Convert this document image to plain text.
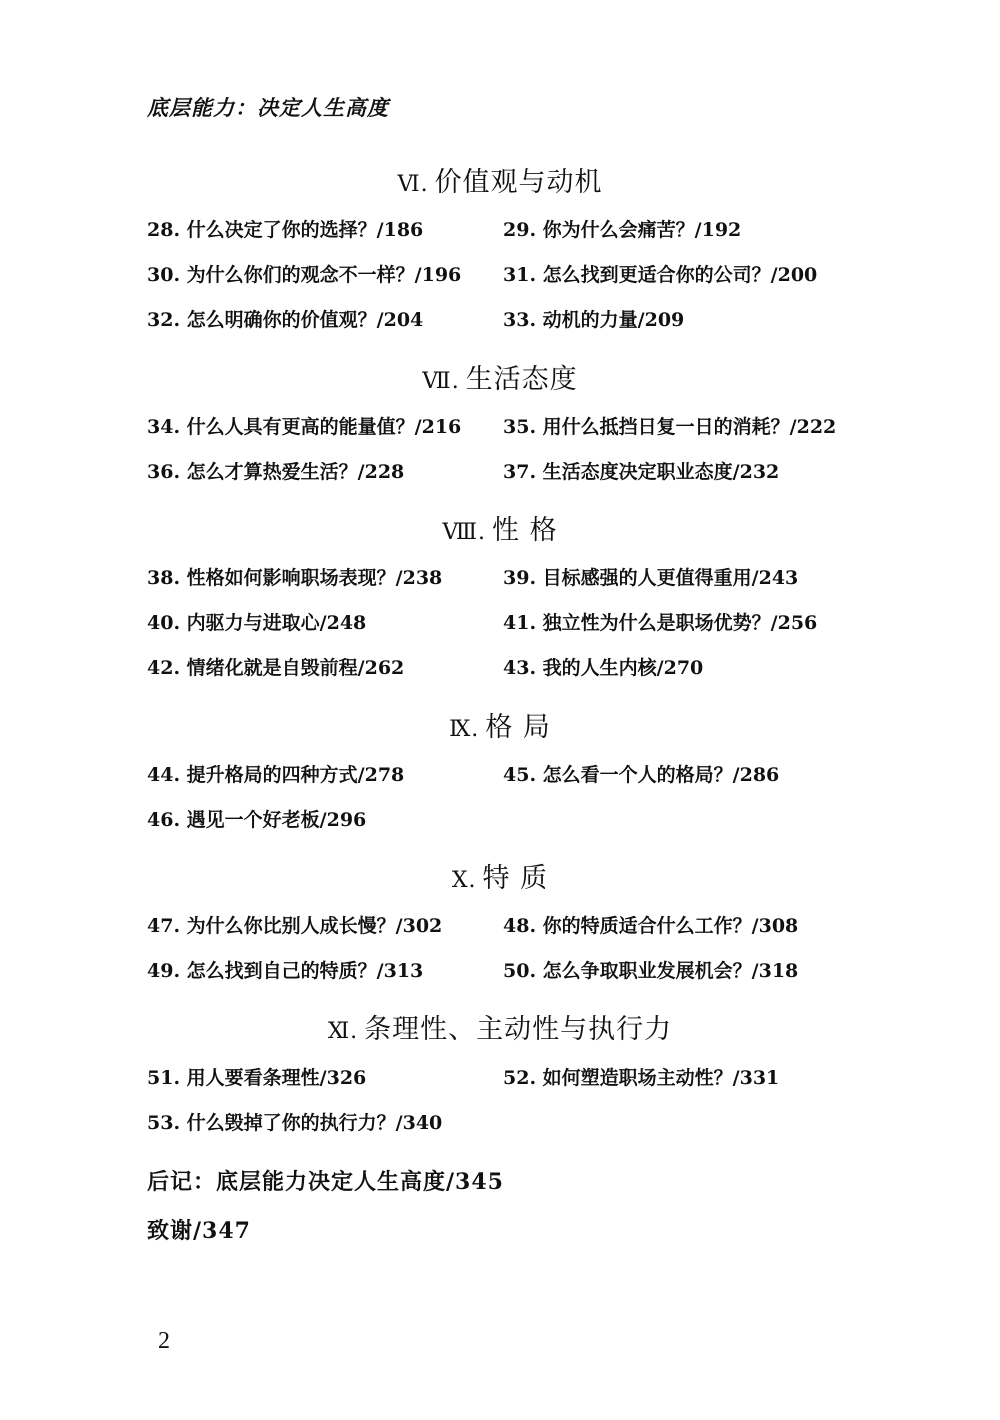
底层能力：决定人生高度
Ⅵ. 价值观与动机
28. 什么决定了你的选择？/186	29. 你为什么会痛苦？/192
30. 为什么你们的观念不一样？/196 31. 怎么找到更适合你的公司？/200
32. 怎么明确你的价值观？/204	33. 动机的力量/209
Ⅶ. 生活态度
34. 什么人具有更高的能量值？/216 35. 用什么抵挡日复一日的消耗？/222
36. 怎么才算热爱生活？/228	37. 生活态度决定职业态度/232
Ⅷ. 性 格
38. 性格如何影响职场表现？/238	39. 目标感强的人更值得重用/243
40. 内驱力与进取心/248	41. 独立性为什么是职场优势？/256
42. 情绪化就是自毁前程/262	43. 我的人生内核/270
Ⅸ. 格 局
44. 提升格局的四种方式/278	45. 怎么看一个人的格局？/286
46. 遇见一个好老板/296
Ⅹ. 特 质
47. 为什么你比别人成长慢？/302	48. 你的特质适合什么工作？/308
49. 怎么找到自己的特质？/313	50. 怎么争取职业发展机会？/318
Ⅺ. 条理性、主动性与执行力
51. 用人要看条理性/326	52. 如何塑造职场主动性？/331
53. 什么毁掉了你的执行力？/340
后记：底层能力决定人生高度/345
致谢/347
2
